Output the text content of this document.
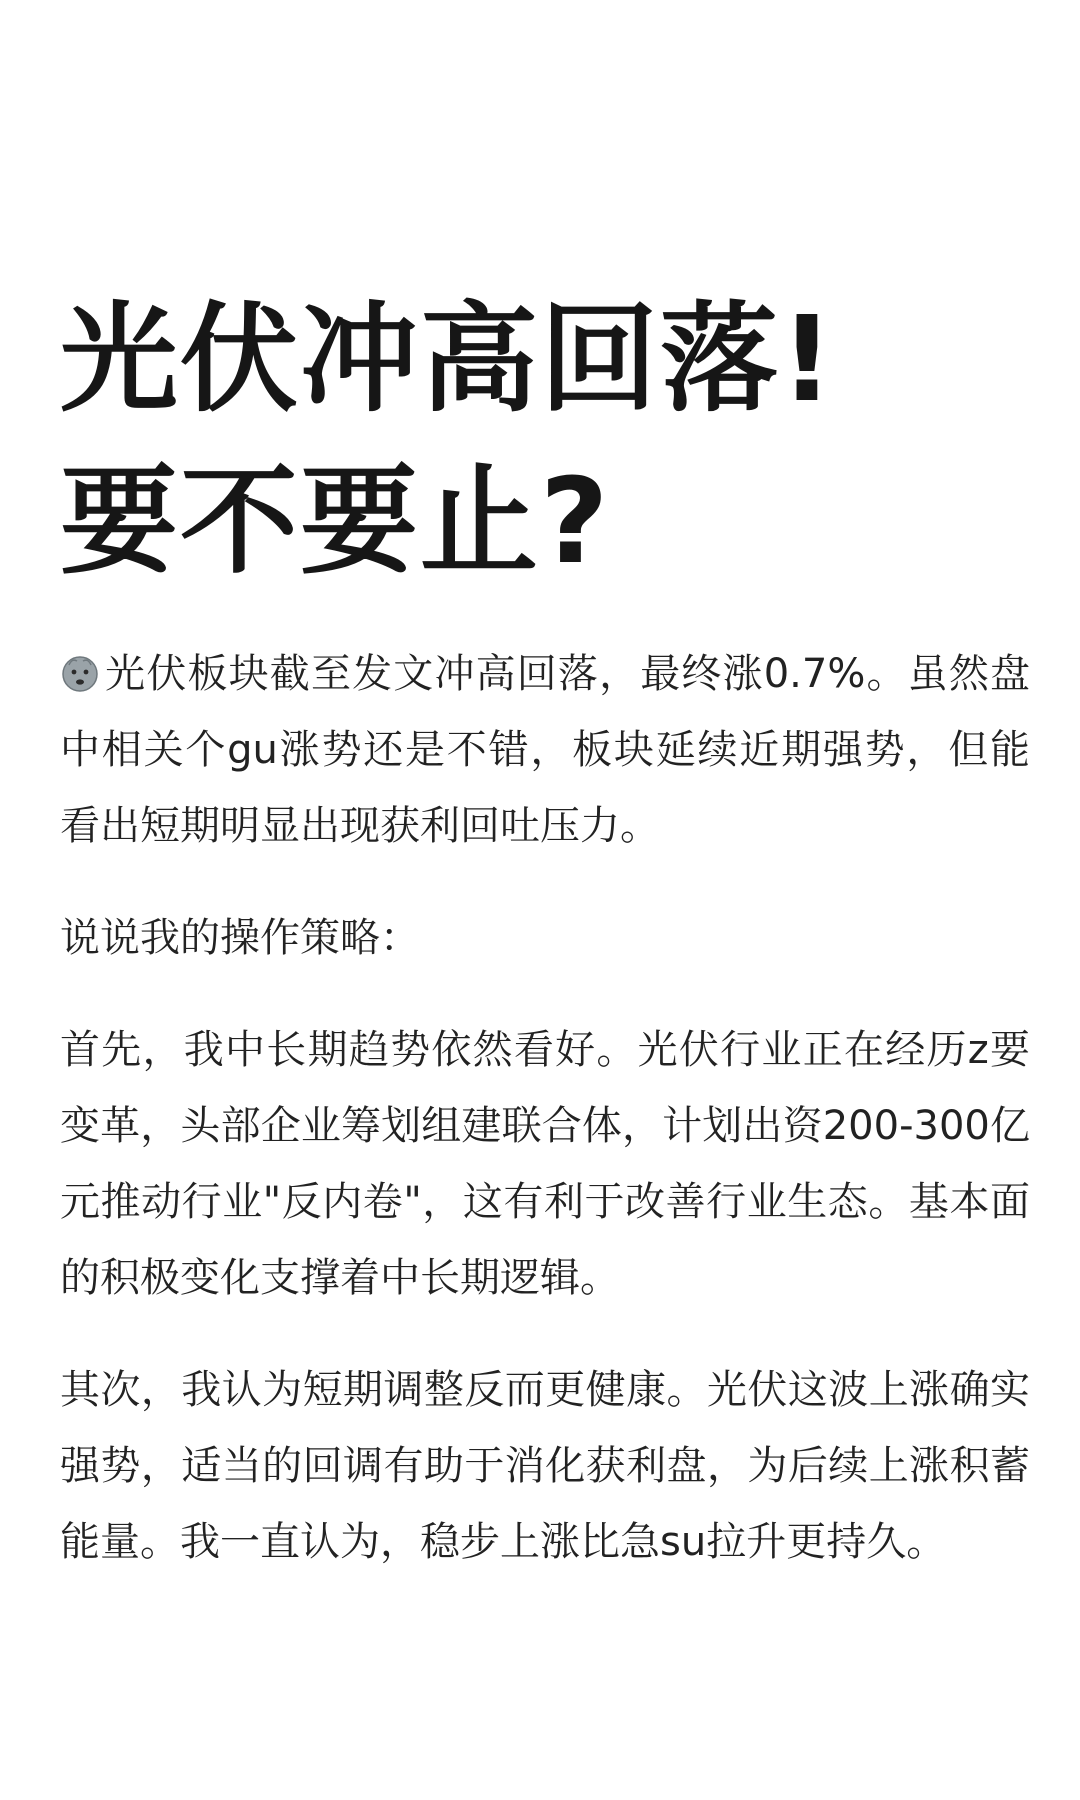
光伏冲高回落!
要不要止?

光伏板块截至发文冲高回落，最终涨0.7%。虽然盘中相关个gu涨势还是不错，板块延续近期强势，但能看出短期明显出现获利回吐压力。

说说我的操作策略：

首先，我中长期趋势依然看好。光伏行业正在经历z要变革，头部企业筹划组建联合体，计划出资200-300亿元推动行业"反内卷"，这有利于改善行业生态。基本面的积极变化支撑着中长期逻辑。

其次，我认为短期调整反而更健康。光伏这波上涨确实强势，适当的回调有助于消化获利盘，为后续上涨积蓄能量。我一直认为，稳步上涨比急su拉升更持久。
